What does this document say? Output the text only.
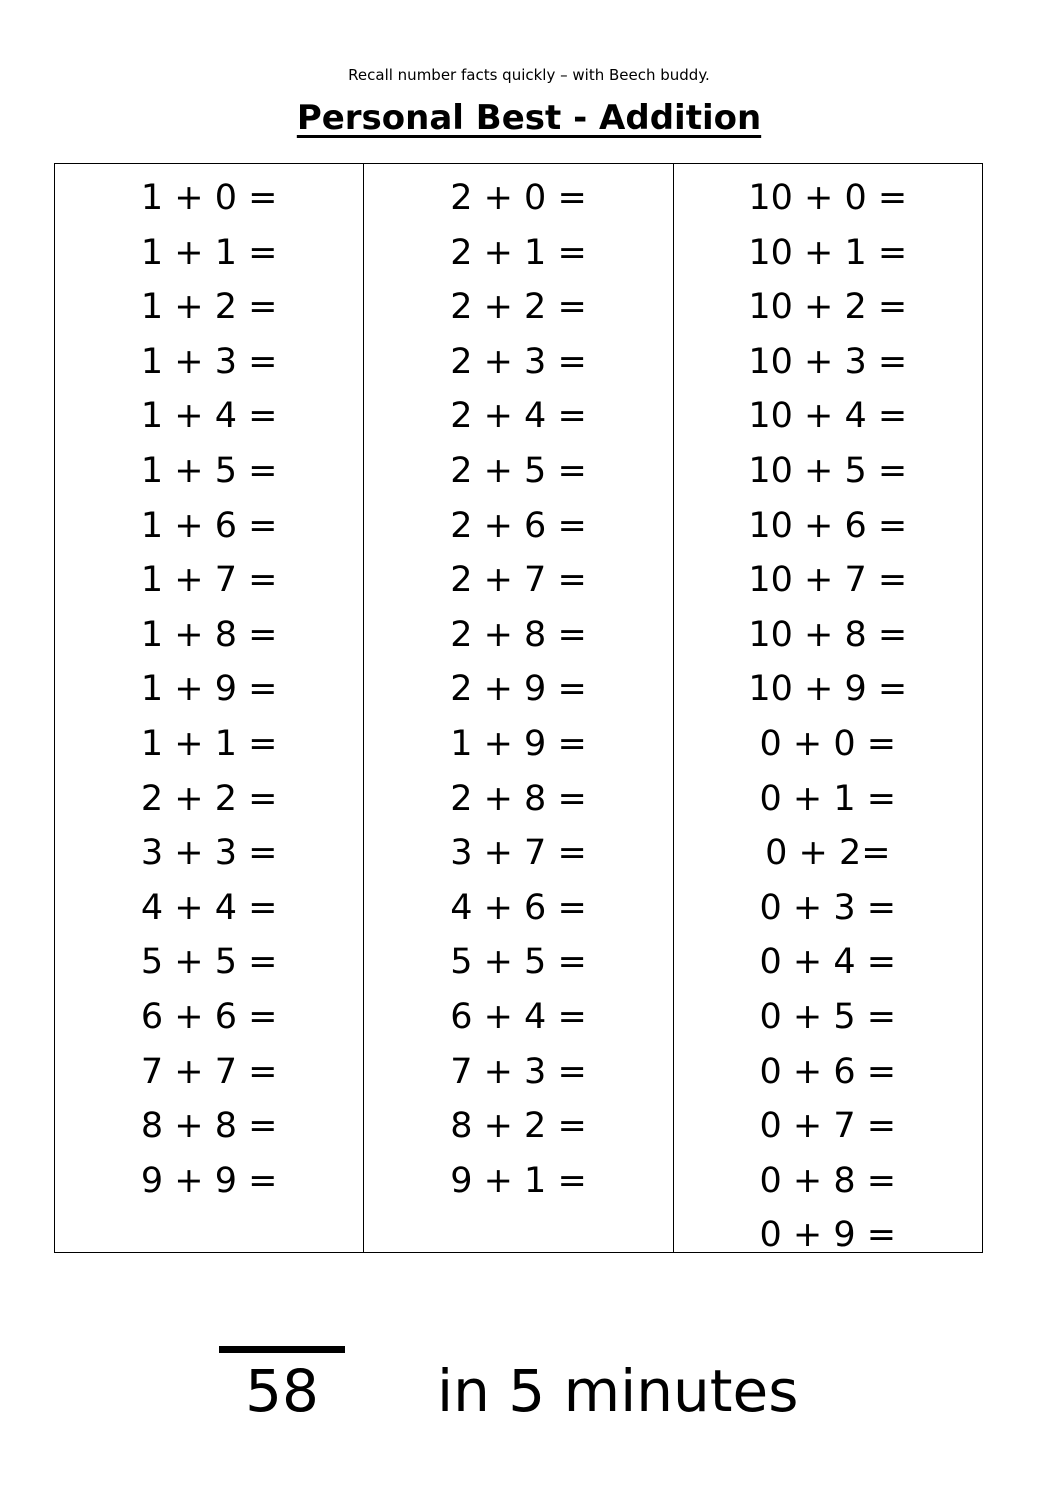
Recall number facts quickly – with Beech buddy.
Personal Best - Addition
1 + 0 =
1 + 1 =
1 + 2 =
1 + 3 =
1 + 4 =
1 + 5 =
1 + 6 =
1 + 7 =
1 + 8 =
1 + 9 =
1 + 1 =
2 + 2 =
3 + 3 =
4 + 4 =
5 + 5 =
6 + 6 =
7 + 7 =
8 + 8 =
9 + 9 =
2 + 0 =
2 + 1 =
2 + 2 =
2 + 3 =
2 + 4 =
2 + 5 =
2 + 6 =
2 + 7 =
2 + 8 =
2 + 9 =
1 + 9 =
2 + 8 =
3 + 7 =
4 + 6 =
5 + 5 =
6 + 4 =
7 + 3 =
8 + 2 =
9 + 1 =
10 + 0 =
10 + 1 =
10 + 2 =
10 + 3 =
10 + 4 =
10 + 5 =
10 + 6 =
10 + 7 =
10 + 8 =
10 + 9 =
0 + 0 =
0 + 1 =
0 + 2=
0 + 3 =
0 + 4 =
0 + 5 =
0 + 6 =
0 + 7 =
0 + 8 =
0 + 9 =
58	in 5 minutes
